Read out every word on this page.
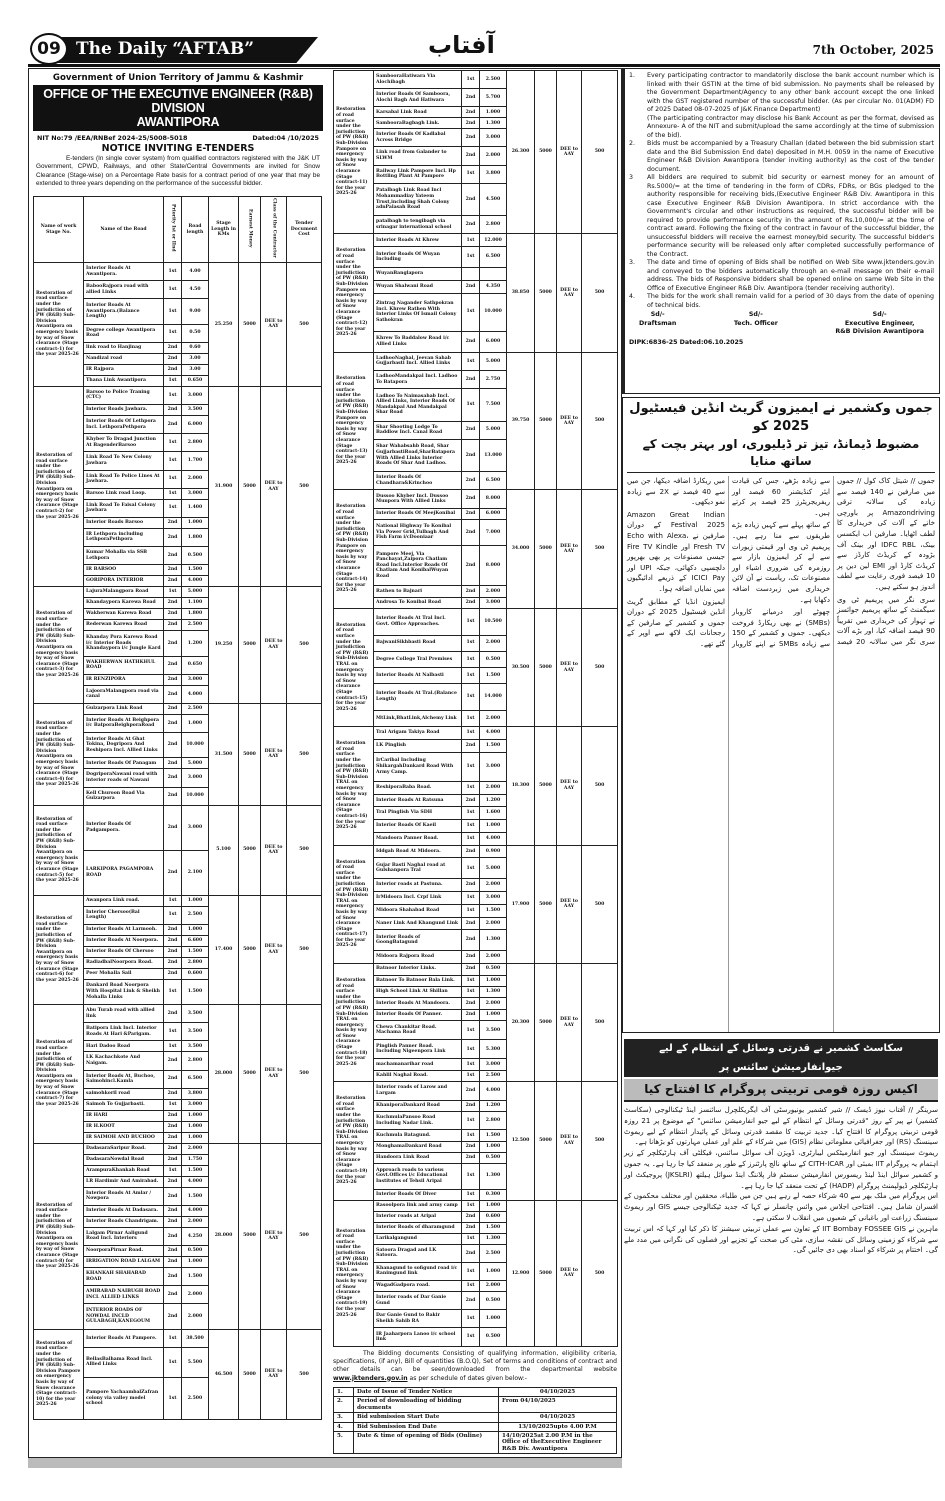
09 The Daily “AFTAB”	آفتاب	7th October, 2025
Government of Union Territory of Jammu & Kashmir
OFFICE OF THE EXECUTIVE ENGINEER (R&B) DIVISION
AWANTIPORA
NIT No:79 /EEA/RNBef 2024-25/5008-5018	Dated:04 /10/2025
NOTICE INVITING E-TENDERS
E-tenders (In single cover system) from qualified contractors registered with the J&K UT Government, CPWD, Railways, and other State/Central Governments are invited for Snow Clearance (Stage-wise) on a Percentage Rate basis for a contract period of one year that may be extended to three years depending on the performance of the successful bidder.
Name of work Stage No.	Name of the Road	Priority Ist or IInd	Road length	Stage Length in KMs	Earnest Money	Class of the Contractor	Tender Document Cost
Restoration of road surface under the jurisdiction of PW (R&B) Sub-Division Awantipora on emergency basis by way of Snow clearance (Stage contract-1) for the year 2025-26	Interior Roads At Awantipora.	1st	4.00	25.250	5000	DEE to AAY	500
	BabooRajpora road with allied Links	1st	4.50				
	Interior Roads At Awantipora.(Balance Length)	1st	9.00				
	Degree college Awantipora Road	1st	0.50				
	link road to Hanjinag	2nd	0.60				
	Nandizal road	2nd	3.00				
	IR Rajpora	2nd	3.00				
	Thana Link Awantipora	1st	0.650				
Restoration of road surface under the jurisdiction of PW (R&B) Sub-Division Awantipora on emergency basis by way of Snow clearance (Stage contract-2) for the year 2025-26	Barsoo to Police Traning (CTC)	1st	3.000	31.900	5000	DEE to AAY	500
	Interior Roads Jawbara.	2nd	3.500				
	Interior Roads Of Lethpora Incl. LethporaPethpora	2nd	6.000				
	Khyber To Dragad Junction At BagenderBarsoo	1st	2.800				
	Link Road To New Colony Jawbara	1st	1.700				
	Link Road To Police Lines At Jawbara.	1st	2.000				
	Barsoo Link road Loop.	1st	3.000				
	Link Road To Faisal Colony Jawbara	1st	1.400				
	Interior Roads Barsoo	2nd	1.000				
	IR Lethpora including LethporaPethpora	2nd	1.800				
	Kumar Mohalla via SSB Lethpora	2nd	0.500				
	IR BARSOO	2nd	1.500				
	GORIPORA INTERIOR	2nd	4.000				
Restoration of road surface under the jurisdiction of PW (R&B) Sub-Division Awantipora on emergency basis by way of Snow clearance (Stage contract-3) for the year 2025-26	LajuraMalangpora Road	1st	5.000	19.250	5000	DEE to AAY	500
	Khandaypora Karewa Road	2nd	1.100				
	Wakherwan Karewa Road	2nd	1.800				
	Rederwan Karewa Road	2nd	2.500				
	Khanday Pora Karewa Road i/c Interior Roads Khandaypora i/c Jungle Kard	2nd	1.200				
	WAKHERWAN HATHKHUL ROAD	2nd	0.650				
	IR RENZIPORA	2nd	3.000				
	LajooraMalangpora road via canal	2nd	4.000				
Restoration of road surface under the jurisdiction of PW (R&B) Sub-Division Awantipora on emergency basis by way of Snow clearance (Stage contract-4) for the year 2025-26	Gulzarpora Link Road	2nd	2.500	31.500	5000	DEE to AAY	500
	Interior Roads At Beighpora i/c BatporaBeighporaRoad	2nd	1.000				
	Interior Roads At Ghat Tokina, Dogripora And Reshipora Incl. Allied Links	2nd	10.000				
	Interior Roads Of Panagam	2nd	5.000				
	DogriporaNawani road with interior roads of Nawani	2nd	3.000				
	Kell Churoon Road Via Gulzarpora	2nd	10.000				
Restoration of road surface under the jurisdiction of PW (R&B) Sub-Division Awantipora on emergency basis by way of Snow clearance (Stage contract-5) for the year 2025-26	Interior Roads Of Padgampora.	2nd	3.000	5.100	5000	DEE to AAY	500
	LARKIPORA PAGAMPORA ROAD	2nd	2.100				
Restoration of road surface under the jurisdiction of PW (R&B) Sub-Division Awantipora on emergency basis by way of Snow clearance (Stage contract-6) for the year 2025-26	Awanpora Link road.	1st	1.000	17.400	5000	DEE to AAY	500
	Interior Chersoo(Bal Length)	1st	2.500				
	Interior Roads At Larmooh.	2nd	1.000				
	Interior Roads At Noorpora.	2nd	6.600				
	Interior Roads Of Chersoo	2nd	1.500				
	RadiadbalNoorpora Road.	2nd	2.800				
	Peer Mohalla Sail	2nd	0.600				
	Dankard Road Noorpora With Hospital Link & Sheikh Mohalla Links	1st	1.500				
Restoration of road surface under the jurisdiction of PW (R&B) Sub-Division Awantipora on emergency basis by way of Snow clearance (Stage contract-7) for the year 2025-26	Abu Turab road with allied link	2nd	3.500	28.000	5000	DEE to AAY	500
	Batipora Link Incl. Interior Roads At Hari &Parigam.	1st	3.500				
	Hari Dadoo Road	1st	3.500				
	LK Kachachkote And Naigam.	2nd	2.800				
	Interior Roads At, Buchoo, Saimohincl.Kamla	2nd	6.500				
	saimohkoril road	2nd	3.800				
	Saimoh To Gujjarbasti.	1st	3.000				
	IR HARI	2nd	1.000				
	IR H.KOOT	2nd	1.000				
	IR SAIMOH AND BUCHOO	2nd	1.000				
Restoration of road surface under the jurisdiction of PW (R&B) Sub-Division Awantipora on emergency basis by way of Snow clearance (Stage contract-8) for the year 2025-26	DadasaraSaripur Road.	2nd	2.000	28.000	5000	DEE to AAY	500
	DadasaraNowdal Road	2nd	1.750				
	ArampuraKhankah Road	1st	1.500				
	LR Hardimir And Amirabad.	2nd	4.000				
	Interior Roads At Amlar / Nowpora	2nd	1.500				
	Interior Roads At Dadasara.	2nd	4.000				
	Interior Roads Chandrigam.	2nd	2.000				
	Lalgam Pirnar Aaligund Road Incl. Interiors	2nd	4.250				
	NoorporaPirnar Road.	2nd	0.500				
	IRRIGATION ROAD LALGAM	2nd	1.000				
	KHANKAH SHAHABAD ROAD	2nd	1.500				
	AMIRABAD NAIBUGH ROAD INCL ALLIED LINKS	2nd	2.000				
	INTERIOR ROADS OF NOWDAL INCLD GULABAGH,KANEGOUM	2nd	2.000				
Restoration of road surface under the jurisdiction of PW (R&B) Sub-Division Pampore on emergency basis by way of Snow clearance (Stage contract-10) for the year 2025-26	Interior Roads At Pampore.	1st	38.500	46.500	5000	DEE to AAY	500
	BellasBalhama Road Incl. Allied Links	1st	5.500				
	Pampore YachaambalZafran colony via valley model school	1st	2.500				
Restoration of road surface under the jurisdiction of PW (R&B) Sub-Division Pampore on emergency basis by way of Snow clearance (Stage contract-11) for the year 2025-26	SambooraHatiwara Via Alochibagh	1st	2.500	26.300	5000	DEE to AAY	500
	Interior Roads Of Samboora, Alochi Bagh And Hatiwara	2nd	5.700				
	Karsabal Link Road	2nd	1.000				
	SambooraBagbagh Link.	2nd	1.300				
	Interior Roads Of Kadlabal Across Bridge	2nd	3.000				
	Link road from Galander to SLWM	2nd	2.000				
	Railway Link Pampore Incl. Hp Bottling Plant At Pampore	1st	3.800				
	Patalbagh Link Road Incl Mohammadiay Yateem Trust,including Shah Colony adnPalasah Road	2nd	4.500				
	patalbagh to tengibagh via srinagar international school	2nd	2.800				
Restoration of road surface under the jurisdiction of PW (R&B) Sub-Division Pampore on emergency basis by way of Snow clearance (Stage contract-12) for the year 2025-26	Interior Roads At Khrew	1st	12.000	38.850	5000	DEE to AAY	500
	Interior Roads Of Wuyan Including	1st	6.500				
	WuyanBanglapora						
	Wuyan Shalwani Road	2nd	4.350				
	Zintrag Nagander Sathpokran Incl. Khrew Rathen With Interior Links Of Ismail Colony Sathokran	1st	10.000				
	Khrew To Baddalow Road i/c Allied Links	2nd	6.000				
Restoration of road surface under the jurisdiction of PW (R&B) Sub-Division Pampore on emergency basis by way of Snow clearance (Stage contract-13) for the year 2025-26	LadhooNaghal, Jeevan Sahab Gujjarbasti Incl. Allied Links	1st	5.000	39.750	5000	DEE to AAY	500
	LadhooMandakpal Incl. Ladhoo To Batapora	2nd	2.750				
	Ladhoo To Naimasahab Incl. Allied Links, Interior Roads Of Mandakpal And Mandakpal Shar Road	1st	7.500				
	Shar Shooting Lodge To Baddlow Incl. Canal Road	2nd	5.000				
	Shar Wahabsahb Road, Shar GujjarbastiRoad,SharBatapora With Allied Links Interior Roads Of Shar And Ladhoo.	2nd	13.000				
	Interior Roads Of Chandhara&Krinchoo	2nd	6.500				
Restoration of road surface under the jurisdiction of PW (R&B) Sub-Division Pampore on emergency basis by way of Snow clearance (Stage contract-14) for the year 2025-26	Dussoo Khyber Incl. Dussoo Munpora With Allied Links	2nd	8.000	34.000	5000	DEE to AAY	500
	Interior Roads Of MeejKonibal	2nd	6.000				
	National Highway To Konibal Via Power Grid,Tulbagh And Fish Farm i/cDooniaar	2nd	7.000				
	Pampore Meej, Via Panchayat,Zaipora Chatlam Road Incl.Interior Roads Of Chatlam And KonibalWuyan Road	2nd	8.000				
	Rathen to Bajnari	2nd	2.000				
	Androsa To Konibal Road	2nd	3.000				
Restoration of road surface under the jurisdiction of PW (R&B) Sub-Division TRAL on emergency basis by way of Snow clearance (Stage contract-15) for the year 2025-26	Interior Roads At Tral Incl. Govt. Office Approaches.	1st	10.500	30.500	5000	DEE to AAY	500
	BajwaniSikhbasti Road	1st	2.000				
	Degree College Tral Premises	1st	0.500				
	Interior Roads At Nalbasti	1st	1.500				
	Interior Roads At Tral.(Balance Length)	1st	14.000				
	MtLink,BhatLink,Alchemy Link	1st	2.000				
Restoration of road surface under the jurisdiction of PW (R&B) Sub-Division TRAL on emergency basis by way of Snow clearance (Stage contract-16) for the year 2025-26	Tral Arigam Takiya Road	1st	4.000	18.300	5000	DEE to AAY	500
	LK Pinglish	2nd	1.500				
	IrCaribal Including ShikargahDankard Road With Army Camp.	1st	3.000				
	ReshiporaBaba Road.	1st	2.000				
	Interior Roads At Ratsuna	2nd	1.200				
	Tral Pinglish Via SDH	1st	1.600				
	Interior Roads Of Kaeil	1st	1.000				
	Mandoora Panner Road.	1st	4.000				
Restoration of road surface under the jurisdiction of PW (R&B) Sub-Division TRAL on emergency basis by way of Snow clearance (Stage contract-17) for the year 2025-26	Iddgah Road At Midoora.	2nd	0.900	17.900	5000	DEE to AAY	500
	Gujar Basti Naghal road at Gulshanpora Tral	1st	5.000				
	Interior roads at Pastuna.	2nd	2.000				
	IrMidoora Incl. Crpf Link	1st	3.000				
	Midoora Shahabad Road	1st	1.500				
	Naner Link And Khangund Link	2nd	2.000				
	Interior Roads of GoongBatagund	2nd	1.300				
	Midoora Rajpora Road	2nd	2.000				
Restoration of road surface under the jurisdiction of PW (R&B) Sub-Division TRAL on emergency basis by way of Snow clearance (Stage contract-18) for the year 2025-26	Batnoor Interior Links.	2nd	0.500	20.300	5000	DEE to AAY	500
	Batnoor To Batnoor Bala Link.	1st	1.000				
	High School Link At Shillan	1st	1.300				
	Interior Roads At Mandoora.	2nd	2.000				
	Interior Roads Of Panner.	2nd	1.000				
	Chewa Chankitar Road. Machama Road	1st	3.500				
	Pinglish Panner Road. Including Nigeenpora Link	1st	5.300				
	machamanarihar road	1st	3.000				
	Kahlil Naghal Road.	1st	2.500				
Restoration of road surface under the jurisdiction of PW (R&B) Sub-Division TRAL on emergency basis by way of Snow clearance (Stage contract-19) for the year 2025-26	Interior roads of Larow and Largam	2nd	4.000	12.500	5000	DEE to AAY	500
	KhaniporaDankard Road	2nd	1.200				
	KuchmulaPansoo Road Including Nadar Link.	1st	2.800				
	Kuchmula Batagund.	1st	1.500				
	MonghamaDankard Road	2nd	1.000				
	Handoora Link Road	2nd	0.500				
	Approach roads to various Govt.Offices i/c Educational Institutes of Tehsil Aripal	1st	1.300				
	Interior Roads Of Diver	1st	0.300				
Restoration of road surface under the jurisdiction of PW (R&B) Sub-Division TRAL on emergency basis by way of Snow clearance (Stage contract-19) for the year 2025-26	Rasoolpora link and army camp	1st	1.000	12.900	5000	DEE to AAY	500
	Interior roads at Aripal	2nd	0.600				
	Interior Roads of dharamgund	2nd	1.500				
	Larikalgangund	1st	1.300				
	Satoora Dragad and LK Satoora.	2nd	2.500				
	Khanagund to sofigund road i/c Ranimgund link	1st	1.000				
	WagadGadpora road.	1st	2.000				
	Interior roads of Dar Ganie Gund	2nd	0.500				
	Dar Ganie Gund to Bakir Sheikh Sahib RA	1st	1.000				
	IR Jaaharpora Lanoo i/c school link	1st	0.500				
The Bidding documents Consisting of qualifying information, eligibility criteria, specifications, (if any), Bill of quantities (B.O.Q), Set of terms and conditions of contract and other details can be seen/downloaded from the departmental website www.jktenders.gov.in as per schedule of dates given below:-
1.	Date of Issue of Tender Notice	04/10/2025
2.	Period of downloading of bidding documents	From 04/10/2025
3.	Bid submission Start Date	04/10/2025
4.	Bid Submission End Date	13/10/2025upto 4.00 P.M
5.	Date & time of opening of Bids (Online)	14/10/2025at 2.00 P.M in the Office of theExecutive Engineer R&B Div. Awantipora
1.	Every participating contractor to mandatorily disclose the bank account number which is linked with their GSTIN at the time of bid submission. No payments shall be released by the Government Department/Agency to any other bank account except the one linked with the GST registered number of the successful bidder. (As per circular No. 01(ADM) FD of 2025 Dated 08-07-2025 of J&K Finance Department)
(The participating contractor may disclose his Bank Account as per the format, devised as Annexure- A of the NIT and submit/upload the same accordingly at the time of submission of the bid).
2.	Bids must be accompanied by a Treasury Challan (dated between the bid submission start date and the Bid Submission End date) deposited in M.H. 0059 in the name of Executive Engineer R&B Division Awantipora (tender inviting authority) as the cost of the tender document.
3	All bidders are required to submit bid security or earnest money for an amount of Rs.5000/= at the time of tendering in the form of CDRs, FDRs, or BGs pledged to the authority responsible for receiving bids,(Executive Engineer R&B Div. Awantipora in this case Executive Engineer R&B Division Awantipora. In strict accordance with the Government's circular and other instructions as required, the successful bidder will be required to provide performance security in the amount of Rs.10,000/= at the time of contract award. Following the fixing of the contract in favour of the successful bidder, the unsuccessful bidders will receive the earnest money/bid security. The successful bidder's performance security will be released only after completed successfully performance of the Contract.
3.	The date and time of opening of Bids shall be notified on Web Site www.jktenders.gov.in and conveyed to the bidders automatically through an e-mail message on their e-mail address. The bids of Responsive bidders shall be opened online on same Web Site in the Office of Executive Engineer R&B Div. Awantipora (tender receiving authority).
4.	The bids for the work shall remain valid for a period of 30 days from the date of opening of technical bids.
Sd/-
Draftsman
Sd/-
Tech. Officer
Sd/-
Executive Engineer,
R&B Division Awantipora
DIPK:6836-25 Dated:06.10.2025
جموں وکشمیر نے ایمیزون گریٹ انڈین فیسٹیول 2025 کو
مضبوط ڈیمانڈ، تیز تر ڈیلیوری، اور بہتر بچت کے ساتھ منایا

جموں // شیتل کاک کول // جموں میں صارفین نے 140 فیصد سے زیادہ کی سالانہ ترقی Amazondriving پر باورچی خانے کے آلات کی خریداری کا لطف اٹھایا۔ صارفین اب ایکسس بینک، IDFC RBL اور بینک آف بڑودہ کے کریڈٹ کارڈز سے کریڈٹ کارڈ اور EMI لین دین پر 10 فیصد فوری رعایت سے لطف اندوز ہو سکتے ہیں۔

سری نگر میں پریمیم ٹی وی سیگمنٹ کے ساتھ پریمیم جوائسز نے تہوار کی خریداری میں تقریباً 90 فیصد اضافہ کیا، اور بڑے آلات سری نگر میں سالانہ 20 فیصد سے زیادہ بڑھے، جس کی قیادت ایئر کنڈیشنر 60 فیصد اور ریفریجریٹرز 25 فیصد پر کرتے ہیں۔

کے ساتھ پہلے سے کہیں زیادہ بڑے طریقوں سے منا رہے ہیں۔ پریمیم ٹی وی اور قیمتی زیورات سے لے کر ایمیزون بازار سے روزمرہ کی ضروری اشیاء اور مصنوعات تک، ریاست نے آن لائن خریداری میں زبردست اضافہ دکھایا ہے۔

چھوٹے اور درمیانے کاروبار (SMBs) نے بھی ریکارڈ فروخت دیکھی۔ جموں و کشمیر کے 150 سے زیادہ SMBs نے اپنے کاروبار میں ریکارڈ اضافہ دیکھا، جن میں سے 40 فیصد نے 2X سے زیادہ نمو دیکھی۔

Amazon Great Indian Festival 2025 کے دوران صارفین نے Echo with Alexa، Fresh TV اور Fire TV Kindle جیسی مصنوعات پر بھی بھرپور دلچسپی دکھائی، جبکہ UPI اور ICICI Pay کے ذریعے ادائیگیوں میں نمایاں اضافہ ہوا۔

ایمیزون انڈیا کے مطابق گریٹ انڈین فیسٹیول 2025 کے دوران جموں و کشمیر کے صارفین کے رجحانات ایک لاکھ سے اوپر کے گئے تھے۔

سکاسٹ کشمیر نے قدرتی وسائل کے انتظام کے لیے جیوانفارمیشن سائنس پر
اکیس روزہ قومی تربیتی پروگرام کا افتتاح کیا

سرینگر // آفتاب نیوز ڈیسک // شیر کشمیر یونیورسٹی آف ایگریکلچرل سائنسز اینڈ ٹیکنالوجی (سکاسٹ کشمیر) نے پیر کے روز "قدرتی وسائل کے انتظام کے لیے جیو انفارمیشن سائنس" کے موضوع پر 21 روزہ قومی تربیتی پروگرام کا افتتاح کیا۔ جدید تربیت کا مقصد قدرتی وسائل کے پائیدار انتظام کے لیے ریموٹ سینسنگ (RS) اور جغرافیائی معلوماتی نظام (GIS) میں شرکاء کے علم اور عملی مہارتوں کو بڑھانا ہے۔

ریموٹ سینسنگ اور جیو انفارمیٹکس لیبارٹری، ڈویژن آف سوائل سائنس، فیکلٹی آف ہارٹیکلچر کے زیر اہتمام یہ پروگرام IIT بمبئی اور CITH-ICAR کے ساتھ نالج پارٹنرز کے طور پر منعقد کیا جا رہا ہے۔ یہ جموں و کشمیر سوائل اینڈ لینڈ ریسورس انفارمیشن سسٹم فار پلاننگ اینڈ سوائل ہیلتھ (JKSLRI) پروجیکٹ اور ہارٹیکلچر ڈیولپمنٹ پروگرام (HADP) کے تحت منعقد کیا جا رہا ہے۔

اس پروگرام میں ملک بھر سے 40 شرکاء حصہ لے رہے ہیں جن میں طلباء، محققین اور مختلف محکموں کے افسران شامل ہیں۔ افتتاحی اجلاس میں وائس چانسلر نے کہا کہ جدید ٹیکنالوجی جیسے GIS اور ریموٹ سینسنگ زراعت اور باغبانی کے شعبوں میں انقلاب لا سکتی ہے۔

ماہرین نے IIT Bombay FOSSEE GIS کے تعاون سے عملی تربیتی سیشنز کا ذکر کیا اور کہا کہ اس تربیت سے شرکاء کو زمینی وسائل کی نقشہ سازی، مٹی کی صحت کے تجزیے اور فصلوں کی نگرانی میں مدد ملے گی۔ اختتام پر شرکاء کو اسناد بھی دی جائیں گی۔
